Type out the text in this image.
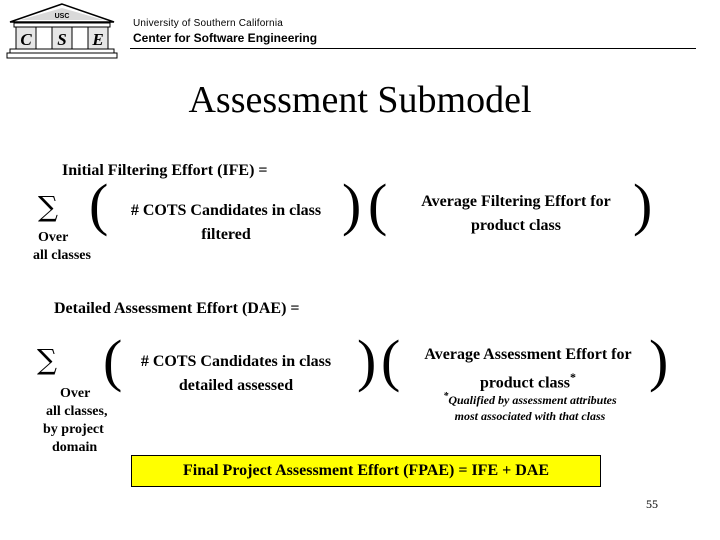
USC
C S E
University of Southern California
Center for Software Engineering
Assessment Submodel
Initial Filtering Effort (IFE) =
∑
Over
all classes
(	# COTS Candidates in class
filtered	) (	Average Filtering Effort for
product class	)
Detailed Assessment Effort (DAE) =
∑
Over
all classes,
by project
domain
(	# COTS Candidates in class
detailed assessed	) (	Average Assessment Effort for
product class*	)
*Qualified by assessment attributes
most associated with that class
Final Project Assessment Effort (FPAE) = IFE + DAE
55
